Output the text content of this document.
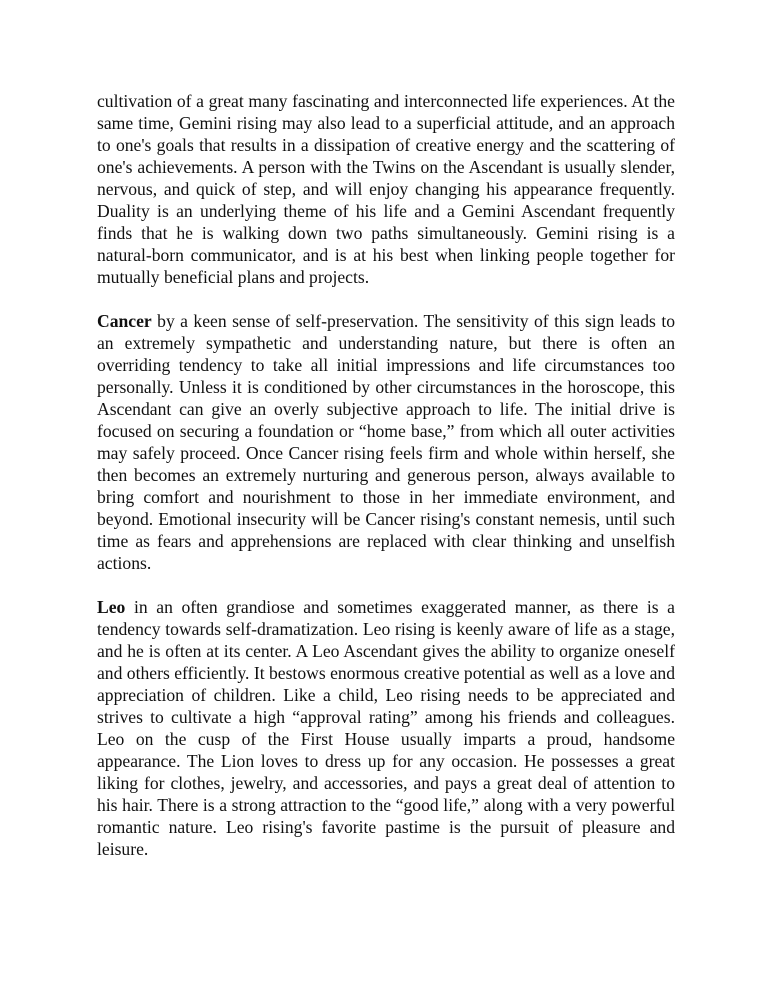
cultivation of a great many fascinating and interconnected life experiences. At the same time, Gemini rising may also lead to a superficial attitude, and an approach to one's goals that results in a dissipation of creative energy and the scattering of one's achievements. A person with the Twins on the Ascendant is usually slender, nervous, and quick of step, and will enjoy changing his appearance frequently. Duality is an underlying theme of his life and a Gemini Ascendant frequently finds that he is walking down two paths simultaneously. Gemini rising is a natural-born communicator, and is at his best when linking people together for mutually beneficial plans and projects.

Cancer by a keen sense of self-preservation. The sensitivity of this sign leads to an extremely sympathetic and understanding nature, but there is often an overriding tendency to take all initial impressions and life circumstances too personally. Unless it is conditioned by other circumstances in the horoscope, this Ascendant can give an overly subjective approach to life. The initial drive is focused on securing a foundation or “home base,” from which all outer activities may safely proceed. Once Cancer rising feels firm and whole within herself, she then becomes an extremely nurturing and generous person, always available to bring comfort and nourishment to those in her immediate environment, and beyond. Emotional insecurity will be Cancer rising's constant nemesis, until such time as fears and apprehensions are replaced with clear thinking and unselfish actions.

Leo in an often grandiose and sometimes exaggerated manner, as there is a tendency towards self-dramatization. Leo rising is keenly aware of life as a stage, and he is often at its center. A Leo Ascendant gives the ability to organize oneself and others efficiently. It bestows enormous creative potential as well as a love and appreciation of children. Like a child, Leo rising needs to be appreciated and strives to cultivate a high “approval rating” among his friends and colleagues. Leo on the cusp of the First House usually imparts a proud, handsome appearance. The Lion loves to dress up for any occasion. He possesses a great liking for clothes, jewelry, and accessories, and pays a great deal of attention to his hair. There is a strong attraction to the “good life,” along with a very powerful romantic nature. Leo rising's favorite pastime is the pursuit of pleasure and leisure.
